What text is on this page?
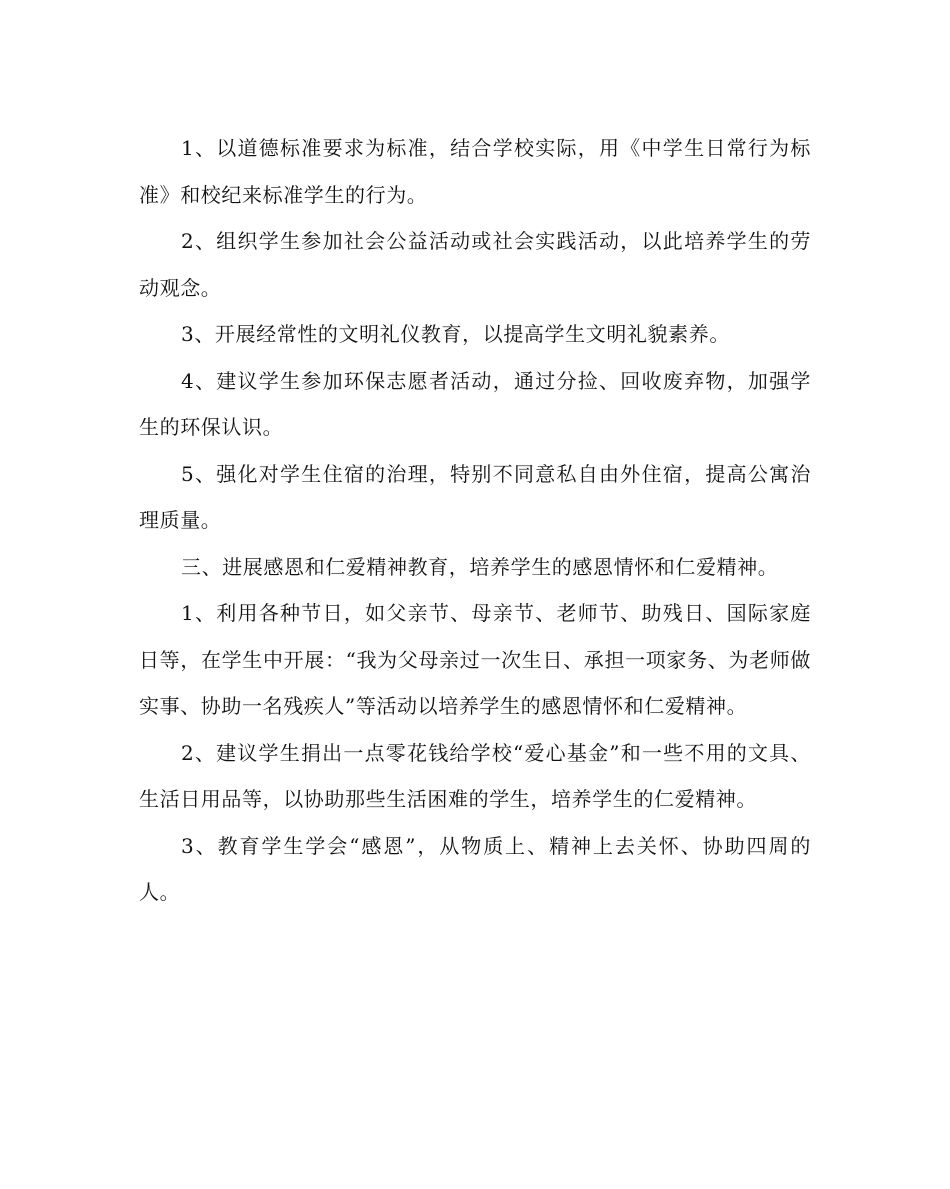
1、以道德标准要求为标准，结合学校实际，用《中学生日常行为标准》和校纪来标准学生的行为。

2、组织学生参加社会公益活动或社会实践活动，以此培养学生的劳动观念。

3、开展经常性的文明礼仪教育，以提高学生文明礼貌素养。

4、建议学生参加环保志愿者活动，通过分捡、回收废弃物，加强学生的环保认识。

5、强化对学生住宿的治理，特别不同意私自由外住宿，提高公寓治理质量。

三、进展感恩和仁爱精神教育，培养学生的感恩情怀和仁爱精神。

1、利用各种节日，如父亲节、母亲节、老师节、助残日、国际家庭日等，在学生中开展：“我为父母亲过一次生日、承担一项家务、为老师做实事、协助一名残疾人”等活动以培养学生的感恩情怀和仁爱精神。

2、建议学生捐出一点零花钱给学校“爱心基金”和一些不用的文具、生活日用品等，以协助那些生活困难的学生，培养学生的仁爱精神。

3、教育学生学会“感恩”，从物质上、精神上去关怀、协助四周的人。
